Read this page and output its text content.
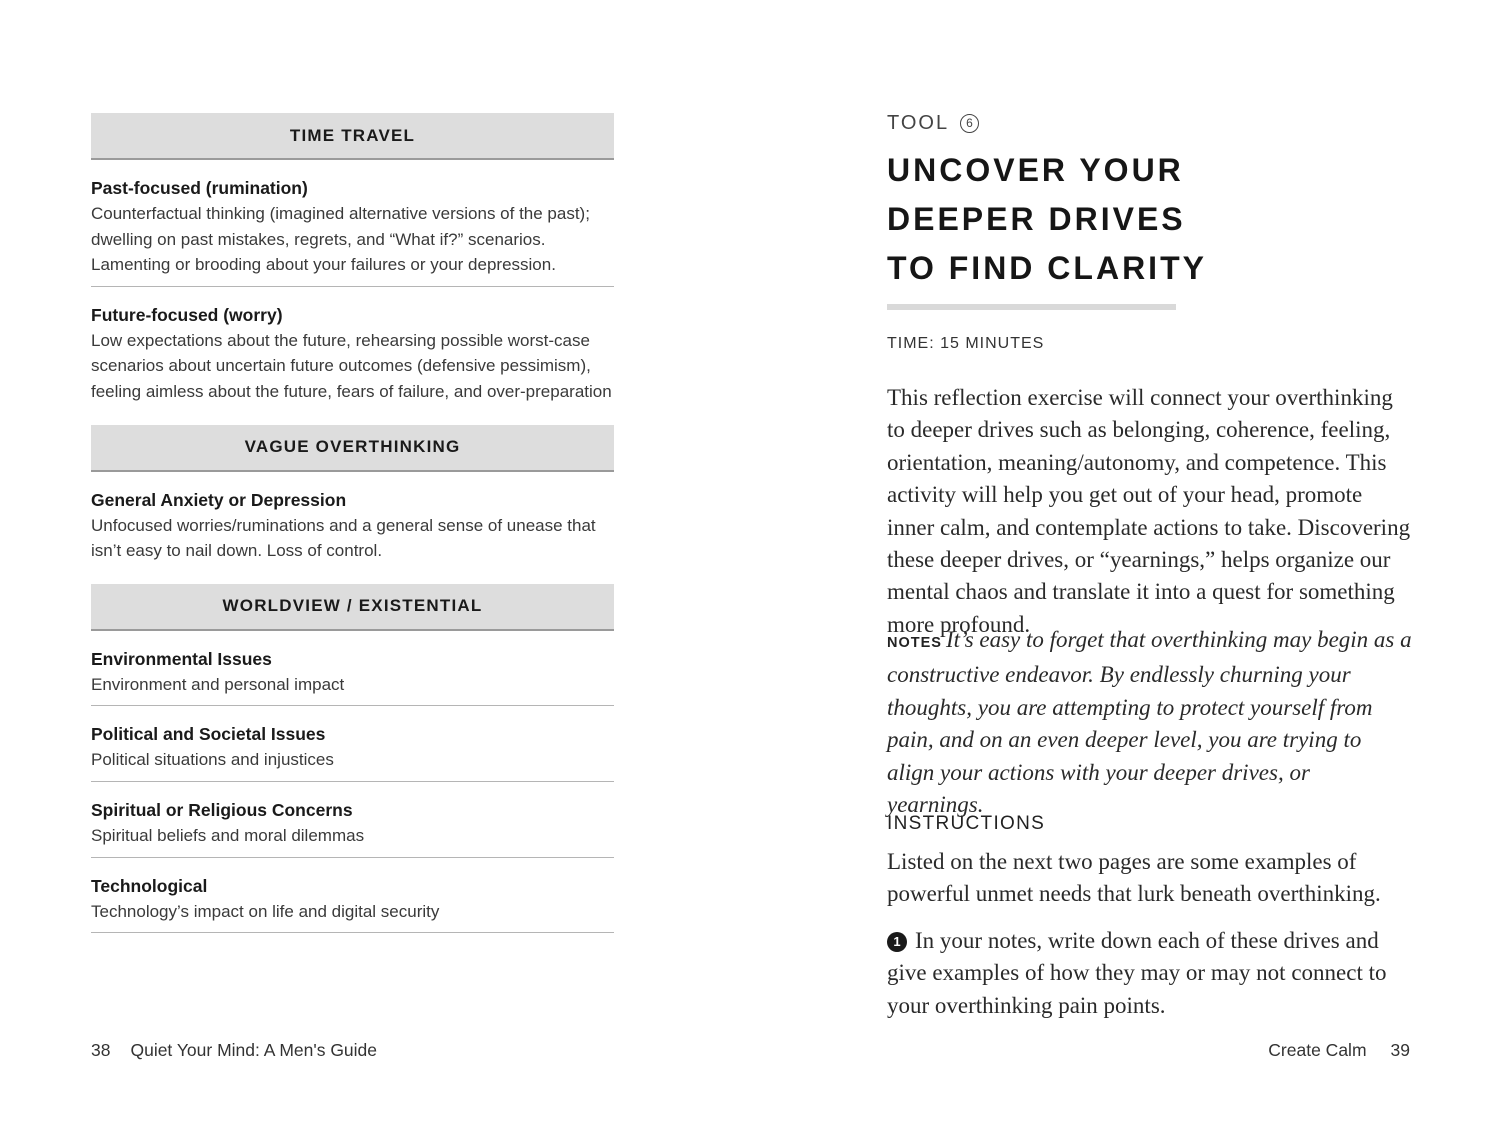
TIME TRAVEL
Past-focused (rumination)
Counterfactual thinking (imagined alternative versions of the past); dwelling on past mistakes, regrets, and “What if?” scenarios. Lamenting or brooding about your failures or your depression.
Future-focused (worry)
Low expectations about the future, rehearsing possible worst-case scenarios about uncertain future outcomes (defensive pessimism), feeling aimless about the future, fears of failure, and over-preparation
VAGUE OVERTHINKING
General Anxiety or Depression
Unfocused worries/ruminations and a general sense of unease that isn’t easy to nail down. Loss of control.
WORLDVIEW / EXISTENTIAL
Environmental Issues
Environment and personal impact
Political and Societal Issues
Political situations and injustices
Spiritual or Religious Concerns
Spiritual beliefs and moral dilemmas
Technological
Technology’s impact on life and digital security
38 Quiet Your Mind: A Men's Guide
TOOL 6
UNCOVER YOUR
DEEPER DRIVES
TO FIND CLARITY
TIME: 15 MINUTES
This reflection exercise will connect your overthinking to deeper drives such as belonging, coherence, feeling, orientation, meaning/autonomy, and competence. This activity will help you get out of your head, promote inner calm, and contemplate actions to take. Discovering these deeper drives, or “yearnings,” helps organize our mental chaos and translate it into a quest for something more profound.
NOTES It’s easy to forget that overthinking may begin as a constructive endeavor. By endlessly churning your thoughts, you are attempting to protect yourself from pain, and on an even deeper level, you are trying to align your actions with your deeper drives, or yearnings.
INSTRUCTIONS
Listed on the next two pages are some examples of powerful unmet needs that lurk beneath overthinking.
1 In your notes, write down each of these drives and give examples of how they may or may not connect to your overthinking pain points.
Create Calm 39
